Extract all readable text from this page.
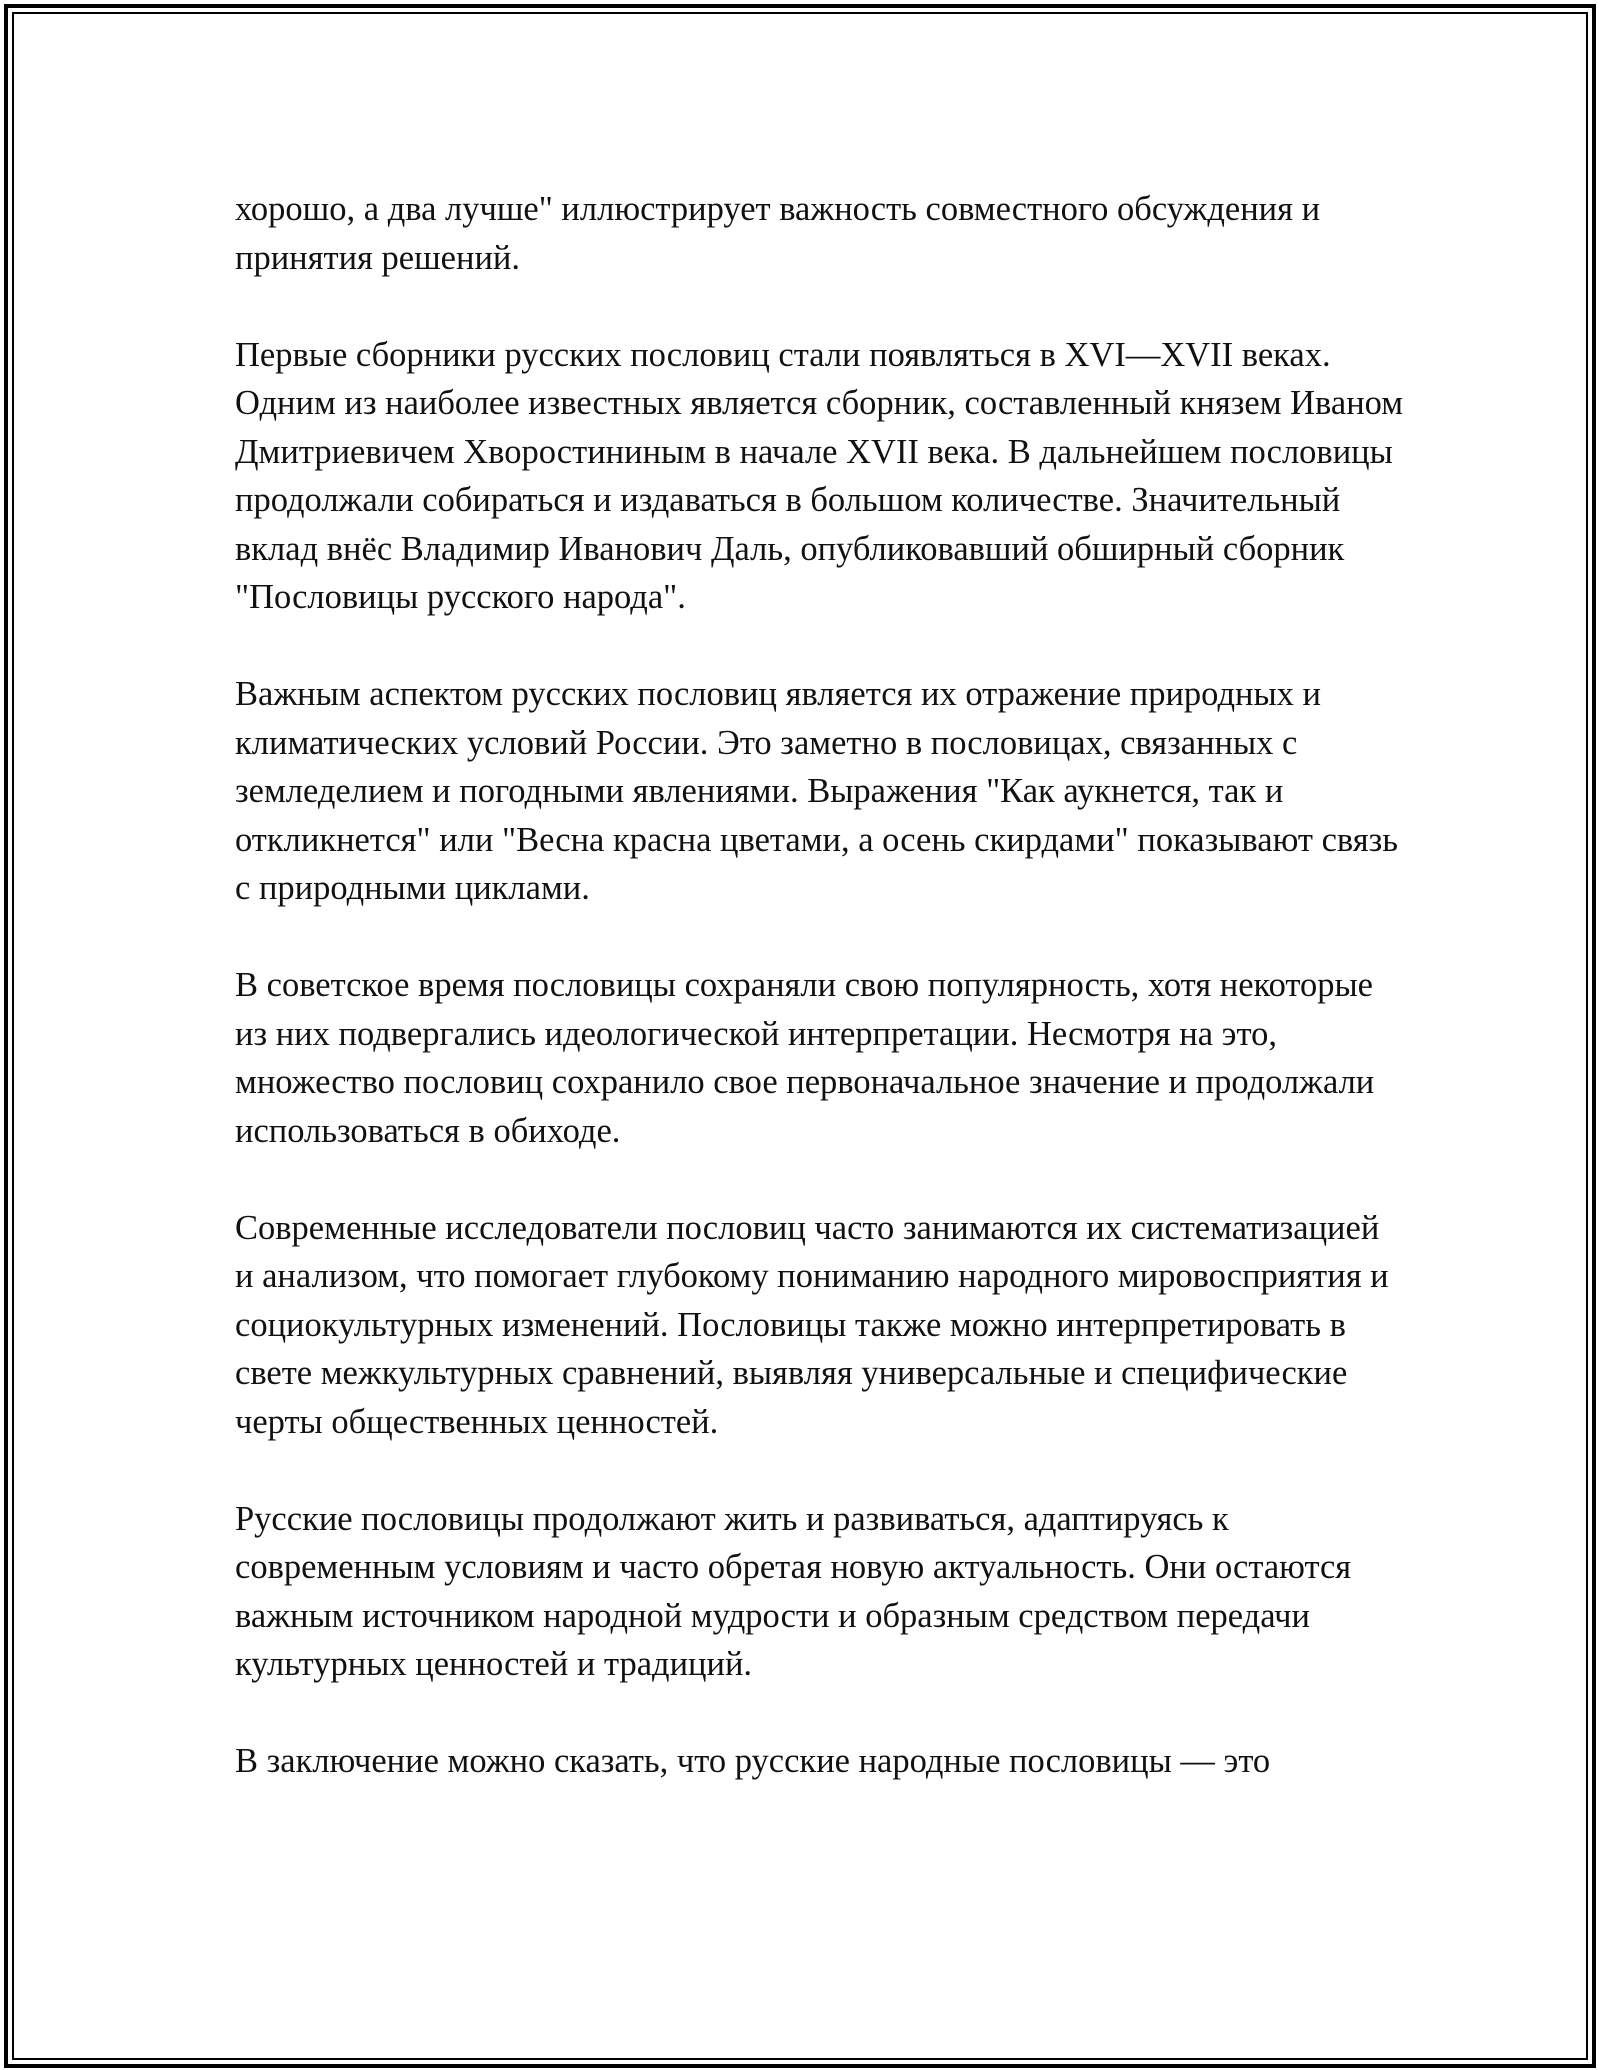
хорошо, а два лучше" иллюстрирует важность совместного обсуждения и принятия решений.

Первые сборники русских пословиц стали появляться в XVI—XVII веках. Одним из наиболее известных является сборник, составленный князем Иваном Дмитриевичем Хворостининым в начале XVII века. В дальнейшем пословицы продолжали собираться и издаваться в большом количестве. Значительный вклад внёс Владимир Иванович Даль, опубликовавший обширный сборник "Пословицы русского народа".

Важным аспектом русских пословиц является их отражение природных и климатических условий России. Это заметно в пословицах, связанных с земледелием и погодными явлениями. Выражения "Как аукнется, так и откликнется" или "Весна красна цветами, а осень скирдами" показывают связь с природными циклами.

В советское время пословицы сохраняли свою популярность, хотя некоторые из них подвергались идеологической интерпретации. Несмотря на это, множество пословиц сохранило свое первоначальное значение и продолжали использоваться в обиходе.

Современные исследователи пословиц часто занимаются их систематизацией и анализом, что помогает глубокому пониманию народного мировосприятия и социокультурных изменений. Пословицы также можно интерпретировать в свете межкультурных сравнений, выявляя универсальные и специфические черты общественных ценностей.

Русские пословицы продолжают жить и развиваться, адаптируясь к современным условиям и часто обретая новую актуальность. Они остаются важным источником народной мудрости и образным средством передачи культурных ценностей и традиций.

В заключение можно сказать, что русские народные пословицы — это
